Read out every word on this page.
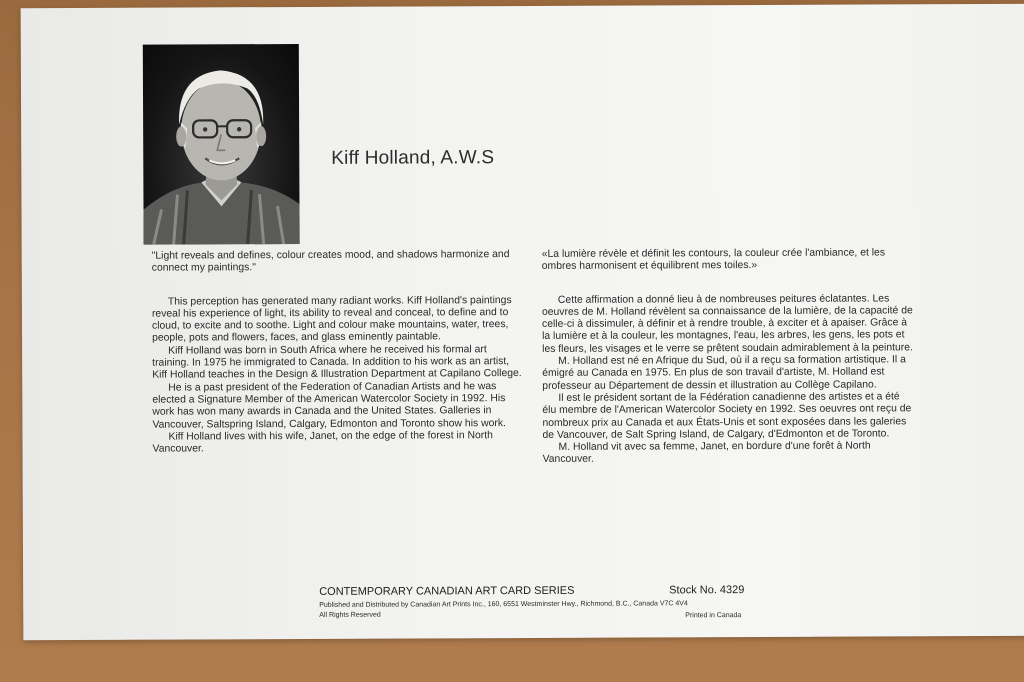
Kiff Holland, A.W.S

"Light reveals and defines, colour creates mood, and shadows harmonize and connect my paintings."

This perception has generated many radiant works. Kiff Holland's paintings reveal his experience of light, its ability to reveal and conceal, to define and to cloud, to excite and to soothe. Light and colour make mountains, water, trees, people, pots and flowers, faces, and glass eminently paintable.

Kiff Holland was born in South Africa where he received his formal art training. In 1975 he immigrated to Canada. In addition to his work as an artist, Kiff Holland teaches in the Design & Illustration Department at Capilano College.

He is a past president of the Federation of Canadian Artists and he was elected a Signature Member of the American Watercolor Society in 1992. His work has won many awards in Canada and the United States. Galleries in Vancouver, Saltspring Island, Calgary, Edmonton and Toronto show his work.

Kiff Holland lives with his wife, Janet, on the edge of the forest in North Vancouver.

«La lumière révèle et définit les contours, la couleur crée l'ambiance, et les ombres harmonisent et équilibrent mes toiles.»

Cette affirmation a donné lieu à de nombreuses peitures éclatantes. Les oeuvres de M. Holland révèlent sa connaissance de la lumière, de la capacité de celle-ci à dissimuler, à définir et à rendre trouble, à exciter et à apaiser. Grâce à la lumière et à la couleur, les montagnes, l'eau, les arbres, les gens, les pots et les fleurs, les visages et le verre se prêtent soudain admirablement à la peinture.

M. Holland est né en Afrique du Sud, où il a reçu sa formation artistique. Il a émigré au Canada en 1975. En plus de son travail d'artiste, M. Holland est professeur au Département de dessin et illustration au Collège Capilano.

Il est le président sortant de la Fédération canadienne des artistes et a été élu membre de l'American Watercolor Society en 1992. Ses oeuvres ont reçu de nombreux prix au Canada et aux États-Unis et sont exposées dans les galeries de Vancouver, de Salt Spring Island, de Calgary, d'Edmonton et de Toronto.

M. Holland vit avec sa femme, Janet, en bordure d'une forêt à North Vancouver.

CONTEMPORARY CANADIAN ART CARD SERIES	Stock No. 4329
Published and Distributed by Canadian Art Prints Inc., 160, 6551 Westminster Hwy., Richmond, B.C., Canada V7C 4V4
All Rights Reserved	Printed in Canada
